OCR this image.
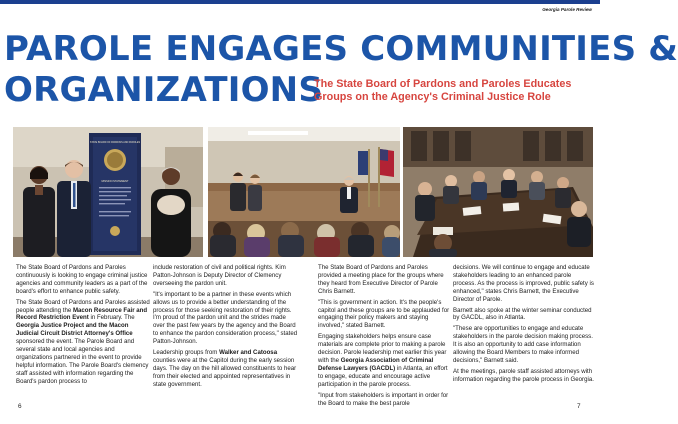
Georgia Parole Review
PAROLE ENGAGES COMMUNITIES &
ORGANIZATIONS
The State Board of Pardons and Paroles Educates Groups on the Agency's Criminal Justice Role
STATE BOARD OF PARDONS AND PAROLES
MISSION STATEMENT

The State Board of Pardons and Paroles continuously is looking to engage criminal justice agencies and community leaders as a part of the board's effort to enhance public safety.

The State Board of Pardons and Paroles assisted people attending the Macon Resource Fair and Record Restriction Event in February. The Georgia Justice Project and the Macon Judicial Circuit District Attorney's Office sponsored the event. The Parole Board and several state and local agencies and organizations partnered in the event to provide helpful information. The Parole Board's clemency staff assisted with information regarding the Board's pardon process to

include restoration of civil and political rights. Kim Patton-Johnson is Deputy Director of Clemency overseeing the pardon unit.

"It's important to be a partner in these events which allows us to provide a better understanding of the process for those seeking restoration of their rights. I'm proud of the pardon unit and the strides made over the past few years by the agency and the Board to enhance the pardon consideration process," stated Patton-Johnson.

Leadership groups from Walker and Catoosa counties were at the Capitol during the early session days. The day on the hill allowed constituents to hear from their elected and appointed representatives in state government.

The State Board of Pardons and Paroles provided a meeting place for the groups where they heard from Executive Director of Parole Chris Barnett.

"This is government in action. It's the people's capitol and these groups are to be applauded for engaging their policy makers and staying involved," stated Barnett.

Engaging stakeholders helps ensure case materials are complete prior to making a parole decision. Parole leadership met earlier this year with the Georgia Association of Criminal Defense Lawyers (GACDL) in Atlanta, an effort to engage, educate and encourage active participation in the parole process.

"Input from stakeholders is important in order for the Board to make the best parole

decisions. We will continue to engage and educate stakeholders leading to an enhanced parole process. As the process is improved, public safety is enhanced," states Chris Barnett, the Executive Director of Parole.

Barnett also spoke at the winter seminar conducted by GACDL, also in Atlanta.

"These are opportunities to engage and educate stakeholders in the parole decision making process. It is also an opportunity to add case information allowing the Board Members to make informed decisions," Barnett said.

At the meetings, parole staff assisted attorneys with information regarding the parole process in Georgia.

6	7
